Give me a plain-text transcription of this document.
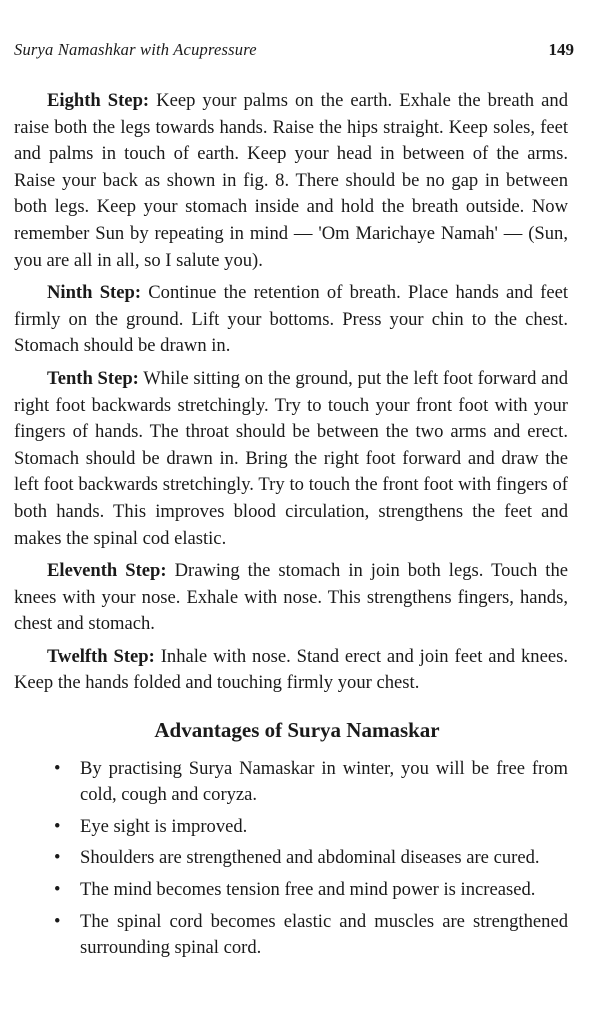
Surya Namashkar with Acupressure	149

Eighth Step: Keep your palms on the earth. Exhale the breath and raise both the legs towards hands. Raise the hips straight. Keep soles, feet and palms in touch of earth. Keep your head in between of the arms. Raise your back as shown in fig. 8. There should be no gap in between both legs. Keep your stomach inside and hold the breath outside. Now remember Sun by repeating in mind — 'Om Marichaye Namah' — (Sun, you are all in all, so I salute you).

Ninth Step: Continue the retention of breath. Place hands and feet firmly on the ground. Lift your bottoms. Press your chin to the chest. Stomach should be drawn in.

Tenth Step: While sitting on the ground, put the left foot forward and right foot backwards stretchingly. Try to touch your front foot with your fingers of hands. The throat should be between the two arms and erect. Stomach should be drawn in. Bring the right foot forward and draw the left foot backwards stretchingly. Try to touch the front foot with fingers of both hands. This improves blood circulation, strengthens the feet and makes the spinal cod elastic.

Eleventh Step: Drawing the stomach in join both legs. Touch the knees with your nose. Exhale with nose. This strengthens fingers, hands, chest and stomach.

Twelfth Step: Inhale with nose. Stand erect and join feet and knees. Keep the hands folded and touching firmly your chest.

Advantages of Surya Namaskar
• By practising Surya Namaskar in winter, you will be free from cold, cough and coryza.
• Eye sight is improved.
• Shoulders are strengthened and abdominal diseases are cured.
• The mind becomes tension free and mind power is increased.
• The spinal cord becomes elastic and muscles are strengthened surrounding spinal cord.
